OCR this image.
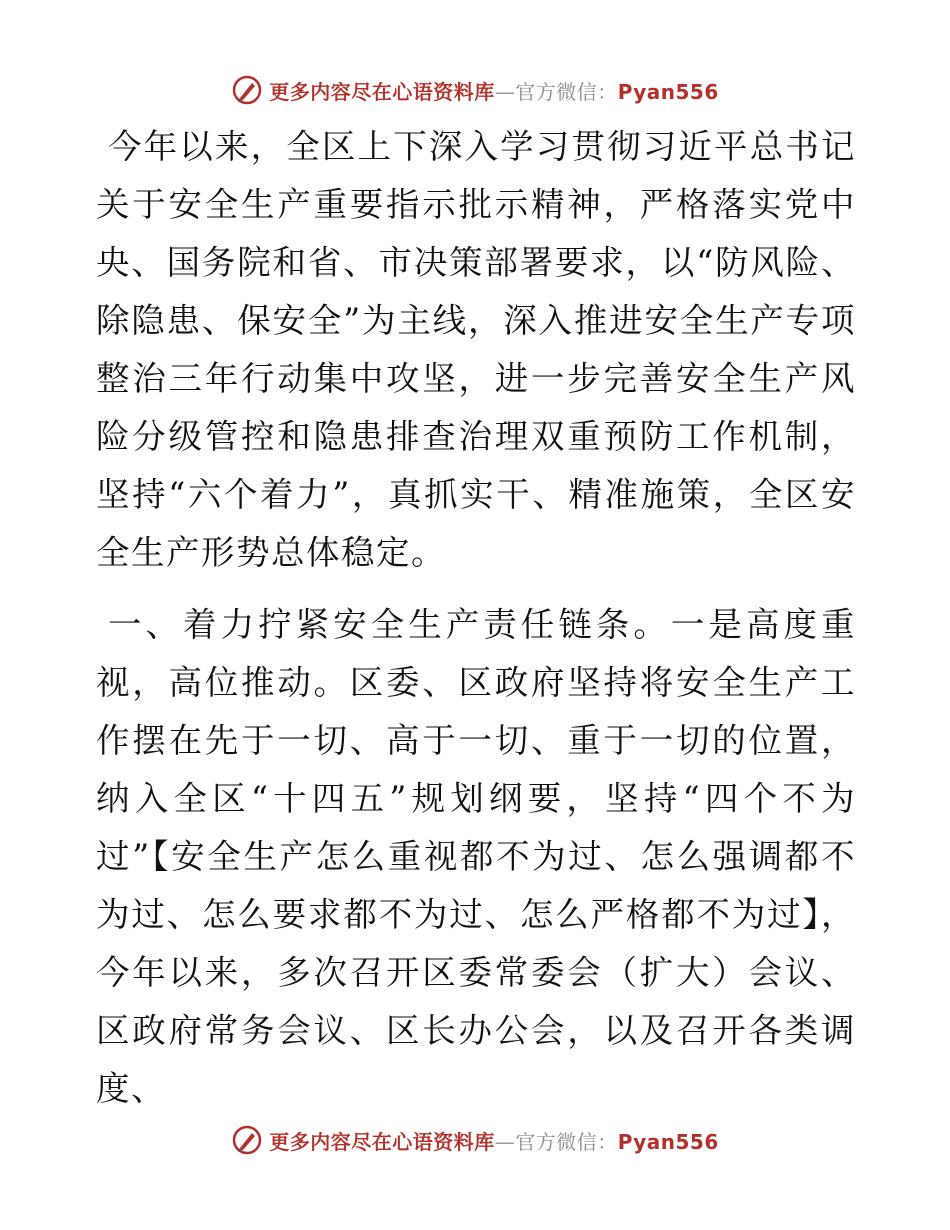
更多内容尽在心语资料库—官方微信：Pyan556

今年以来，全区上下深入学习贯彻习近平总书记关于安全生产重要指示批示精神，严格落实党中央、国务院和省、市决策部署要求，以“防风险、除隐患、保安全”为主线，深入推进安全生产专项整治三年行动集中攻坚，进一步完善安全生产风险分级管控和隐患排查治理双重预防工作机制，坚持“六个着力”，真抓实干、精准施策，全区安全生产形势总体稳定。

一、着力拧紧安全生产责任链条。一是高度重视，高位推动。区委、区政府坚持将安全生产工作摆在先于一切、高于一切、重于一切的位置，纳入全区“十四五”规划纲要，坚持“四个不为过”【安全生产怎么重视都不为过、怎么强调都不为过、怎么要求都不为过、怎么严格都不为过】，今年以来，多次召开区委常委会（扩大）会议、区政府常务会议、区长办公会，以及召开各类调度、

更多内容尽在心语资料库—官方微信：Pyan556
